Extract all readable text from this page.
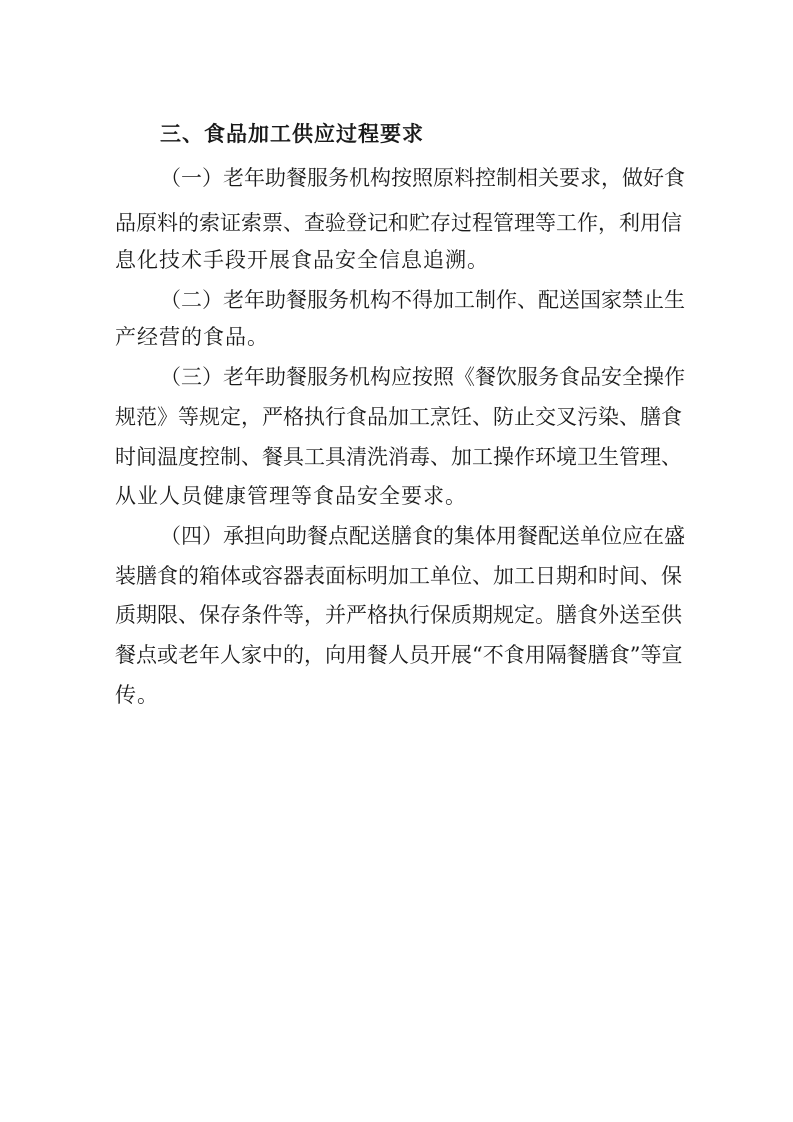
三、食品加工供应过程要求
（一）老年助餐服务机构按照原料控制相关要求，做好食
品原料的索证索票、查验登记和贮存过程管理等工作，利用信
息化技术手段开展食品安全信息追溯。
（二）老年助餐服务机构不得加工制作、配送国家禁止生
产经营的食品。
（三）老年助餐服务机构应按照《餐饮服务食品安全操作
规范》等规定，严格执行食品加工烹饪、防止交叉污染、膳食
时间温度控制、餐具工具清洗消毒、加工操作环境卫生管理、
从业人员健康管理等食品安全要求。
（四）承担向助餐点配送膳食的集体用餐配送单位应在盛
装膳食的箱体或容器表面标明加工单位、加工日期和时间、保
质期限、保存条件等，并严格执行保质期规定。膳食外送至供
餐点或老年人家中的，向用餐人员开展“不食用隔餐膳食”等宣
传。
